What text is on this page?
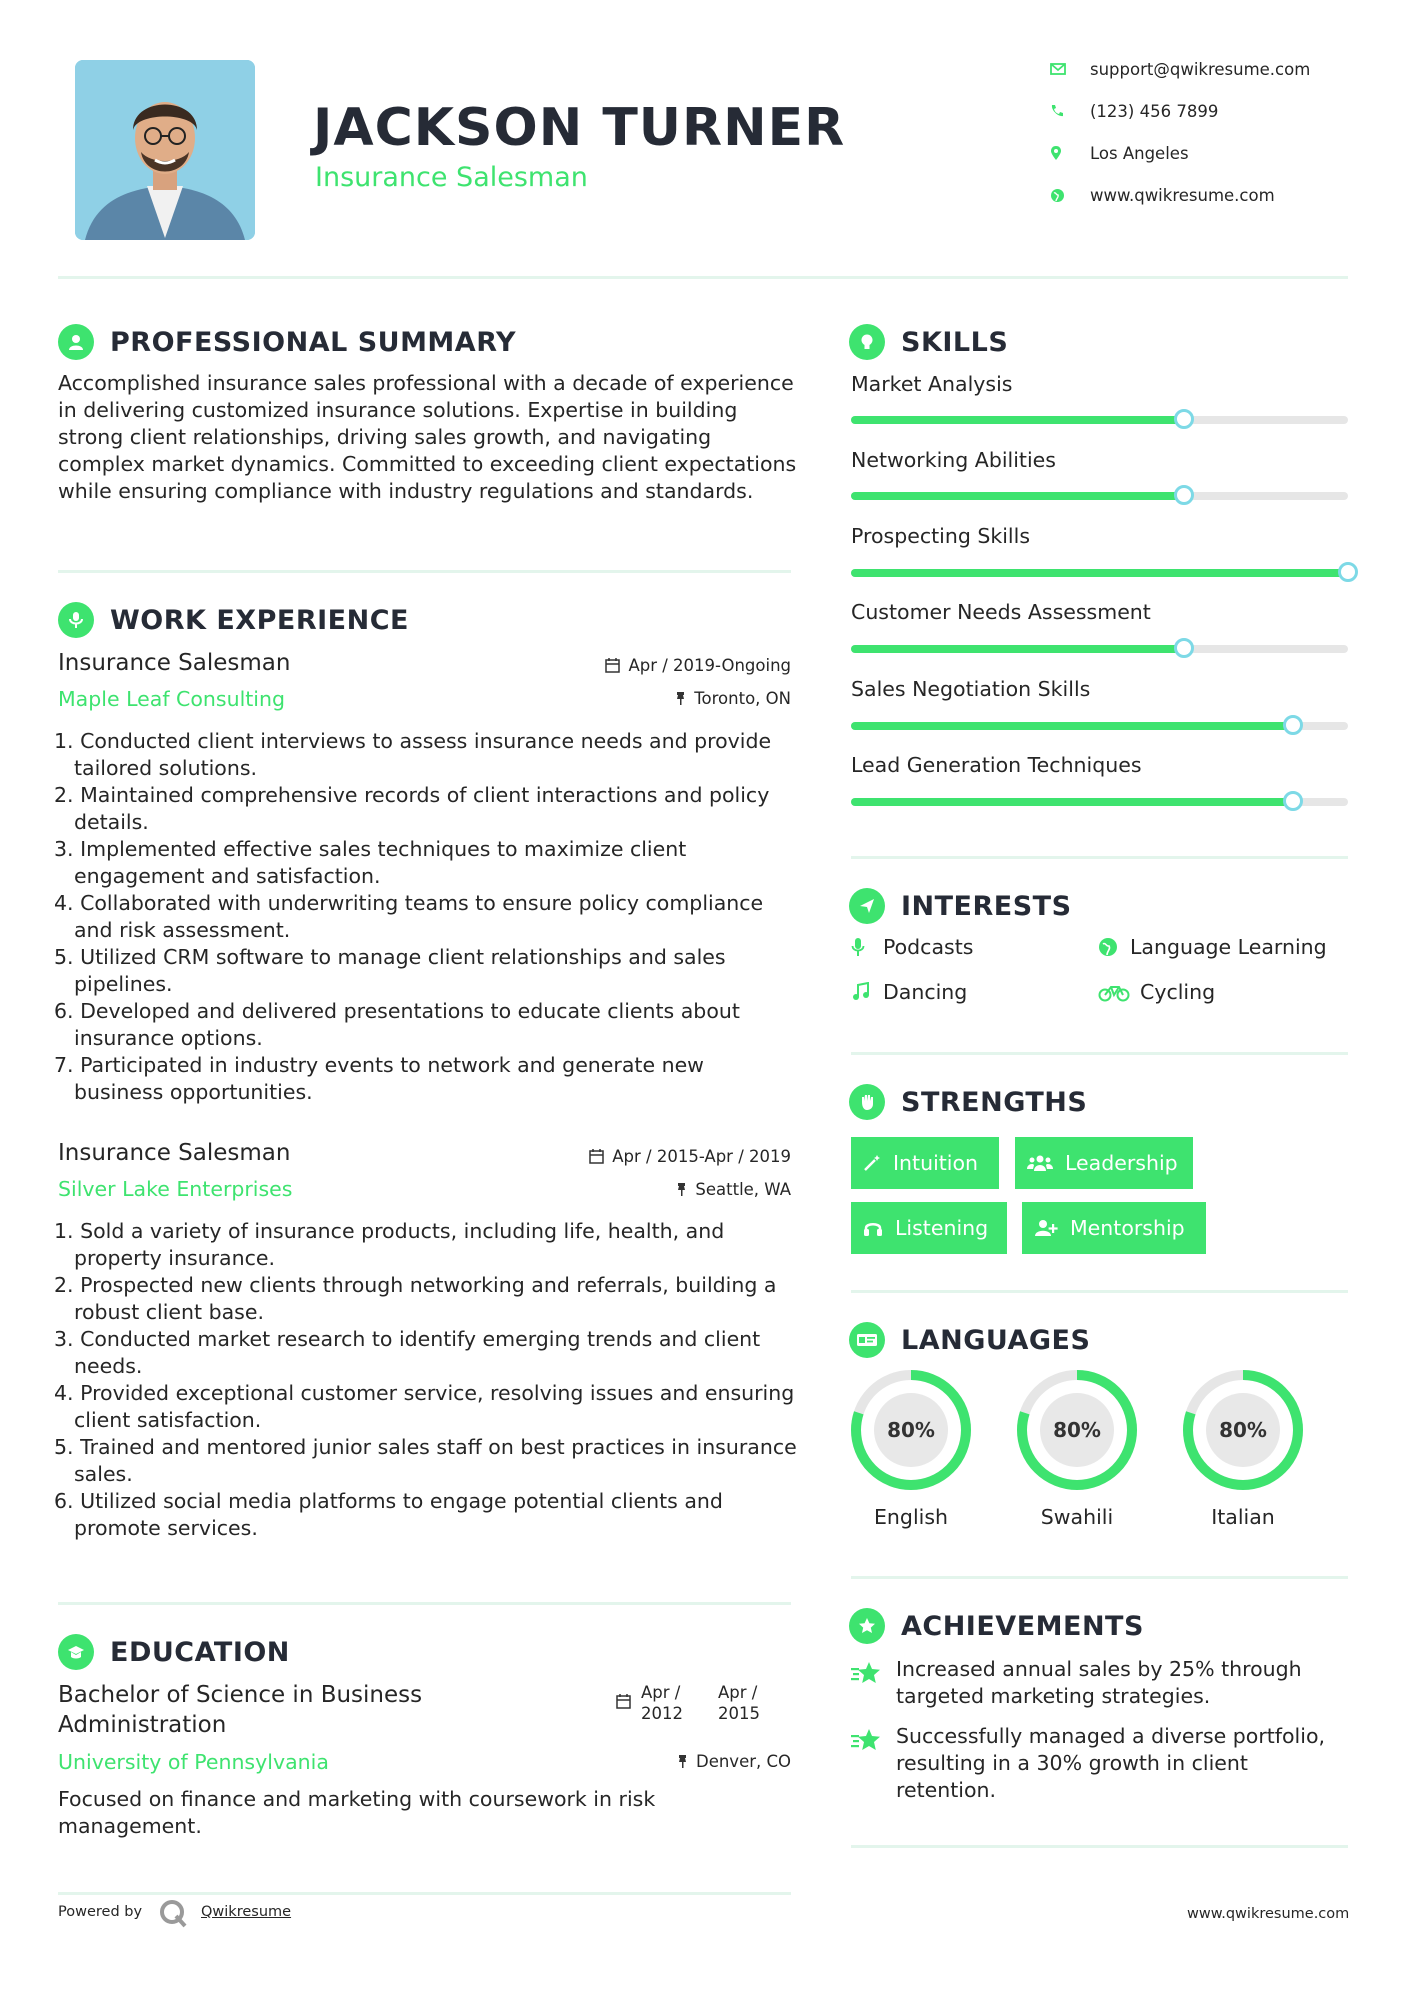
JACKSON TURNER
Insurance Salesman
support@qwikresume.com
(123) 456 7899
Los Angeles
www.qwikresume.com
PROFESSIONAL SUMMARY
Accomplished insurance sales professional with a decade of experience in delivering customized insurance solutions. Expertise in building strong client relationships, driving sales growth, and navigating complex market dynamics. Committed to exceeding client expectations while ensuring compliance with industry regulations and standards.
WORK EXPERIENCE
Insurance Salesman	Apr / 2019-Ongoing
Maple Leaf Consulting	Toronto, ON
1. Conducted client interviews to assess insurance needs and provide tailored solutions.
2. Maintained comprehensive records of client interactions and policy details.
3. Implemented effective sales techniques to maximize client engagement and satisfaction.
4. Collaborated with underwriting teams to ensure policy compliance and risk assessment.
5. Utilized CRM software to manage client relationships and sales pipelines.
6. Developed and delivered presentations to educate clients about insurance options.
7. Participated in industry events to network and generate new business opportunities.
Insurance Salesman	Apr / 2015-Apr / 2019
Silver Lake Enterprises	Seattle, WA
1. Sold a variety of insurance products, including life, health, and property insurance.
2. Prospected new clients through networking and referrals, building a robust client base.
3. Conducted market research to identify emerging trends and client needs.
4. Provided exceptional customer service, resolving issues and ensuring client satisfaction.
5. Trained and mentored junior sales staff on best practices in insurance sales.
6. Utilized social media platforms to engage potential clients and promote services.
EDUCATION
Bachelor of Science in Business
Administration
Apr /
2012
Apr /
2015
University of Pennsylvania	Denver, CO
Focused on finance and marketing with coursework in risk management.
SKILLS
Market Analysis
Networking Abilities
Prospecting Skills
Customer Needs Assessment
Sales Negotiation Skills
Lead Generation Techniques
INTERESTS
Podcasts	Language Learning
Dancing	Cycling
STRENGTHS
Intuition	Leadership
Listening	Mentorship
LANGUAGES
80%
English
80%
Swahili
80%
Italian
ACHIEVEMENTS
Increased annual sales by 25% through targeted marketing strategies.
Successfully managed a diverse portfolio, resulting in a 30% growth in client retention.
Powered by	Qwikresume	www.qwikresume.com
